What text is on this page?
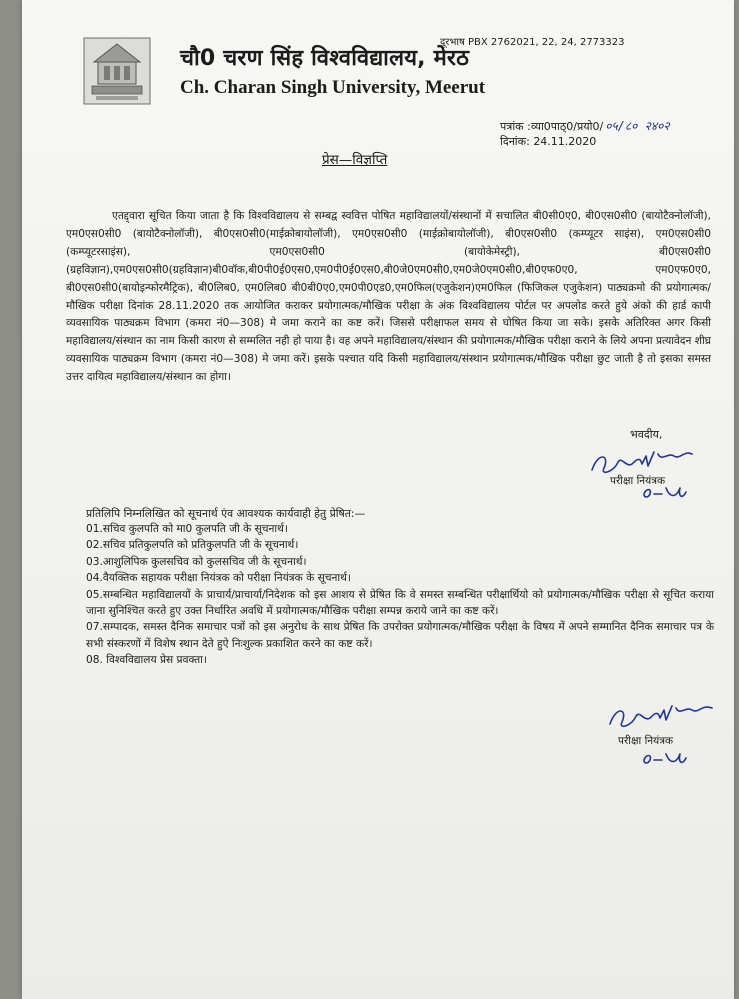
दूरभाष PBX 2762021, 22, 24, 2773323
चौ0 चरण सिंह विश्वविद्यालय, मेरठ
Ch. Charan Singh University, Meerut
पत्रांक :व्या0पाठ्0/प्रयो0/ ०५/८० २४०२
दिनांक: 24.11.2020
प्रेस—विज्ञप्ति
एतद्द्वारा सूचित किया जाता है कि विश्वविद्यालय से सम्बद्व स्ववित्त पोषित महाविद्यालयों/संस्थानों में सचालित बी0सी0ए0, बी0एस0सी0 (बायोटैक्नोलॉजी), एम0एस0सी0 (बायोटैक्नोलॉजी), बी0एस0सी0(माईक्रोबायोलॉजी), एम0एस0सी0 (माईक्रोबायोलॉजी), बी0एस0सी0 (कम्प्यूटर साइंस), एम0एस0सी0 (कम्प्यूटरसाइंस), एम0एस0सी0 (बायोकेमेस्ट्री), बी0एस0सी0 (ग्रहविज्ञान),एम0एस0सी0(ग्रहविज्ञान)बी0वॉक,बी0पी0ई0एस0,एम0पी0ई0एस0,बी0जे0एम0सी0,एम0जे0एम0सी0,बी0एफ0ए0, एम0एफ0ए0, बी0एस0सी0(बायोइन्फोरमैट्रिक), बी0लिब0, एम0लिब0 बी0बी0ए0,एम0पी0एड0,एम0फिल(एजुकेशन)एम0फिल (फिजिकल एजुकेशन) पाठ्यक्रमो की प्रयोगात्मक/मौखिक परीक्षा दिनांक 28.11.2020 तक आयोजित कराकर प्रयोगात्मक/मौखिक परीक्षा के अंक विश्वविद्यालय पोर्टल पर अपलोड करते हुये अंको की हार्ड कापी व्यवसायिक पाठ्यक्रम विभाग (कमरा नं0—308) मे जमा कराने का कष्ट करें। जिससे परीक्षाफल समय से घोषित किया जा सके। इसके अतिरिक्त अगर किसी महाविद्यालय/संस्थान का नाम किसी कारण से सम्मलित नही हो पाया है। वह अपने महाविद्यालय/संस्थान की प्रयोगात्मक/मौखिक परीक्षा कराने के लिये अपना प्रत्यावेदन शीघ्र व्यवसायिक पाठ्यक्रम विभाग (कमरा नं0—308) मे जमा करें। इसके पश्चात यदि किसी महाविद्यालय/संस्थान प्रयोगात्मक/मौखिक परीक्षा छुट जाती है तो इसका समस्त उत्तर दायित्व महाविद्यालय/संस्थान का होगा।
भवदीय,
परीक्षा नियंत्रक
प्रतिलिपि निम्नलिखित को सूचनार्थ एंव आवश्यक कार्यवाही हेतु प्रेषित:—
01.सचिव कुलपति को मा0 कुलपति जी के सूचनार्थ।
02.सचिव प्रतिकुलपति को प्रतिकुलपति जी के सूचनार्थ।
03.आशुलिपिक कुलसचिव को कुलसचिव जी के सूचनार्थ।
04.वैयक्तिक सहायक परीक्षा नियंत्रक को परीक्षा नियंत्रक के सूचनार्थ।
05.सम्बन्धित महाविद्यालयों के प्राचार्य/प्राचार्या/निदेशक को इस आशय से प्रेषित कि वे समस्त सम्बन्धित परीक्षार्थियो को प्रयोगात्मक/मौखिक परीक्षा से सूचित कराया जाना सुनिश्चित करते हुए उक्त निर्धारित अवधि में प्रयोगात्मक/मौखिक परीक्षा सम्पन्न कराये जाने का कष्ट करें।
07.सम्पादक, समस्त दैनिक समाचार पत्रों को इस अनुरोध के साथ प्रेषित कि उपरोक्त प्रयोगात्मक/मौखिक परीक्षा के विषय में अपने सम्मानित दैनिक समाचार पत्र के सभी संस्करणों में विशेष स्थान देते हुऐ निःशुल्क प्रकाशित करने का कष्ट करें।
08. विश्वविद्यालय प्रेस प्रवक्ता।
परीक्षा नियंत्रक
